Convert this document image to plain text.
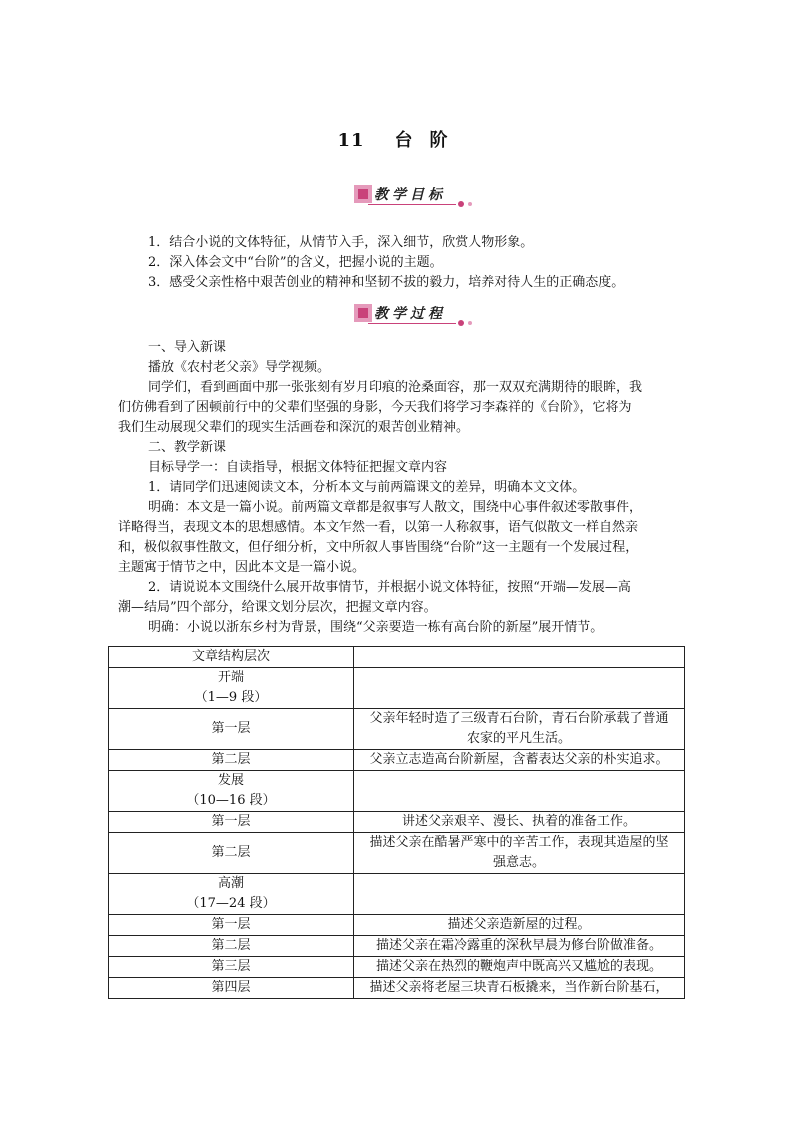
11 台 阶
教学目标

1．结合小说的文体特征，从情节入手，深入细节，欣赏人物形象。

2．深入体会文中“台阶”的含义，把握小说的主题。

3．感受父亲性格中艰苦创业的精神和坚韧不拔的毅力，培养对待人生的正确态度。

教学过程

一、导入新课

播放《农村老父亲》导学视频。

同学们，看到画面中那一张张刻有岁月印痕的沧桑面容，那一双双充满期待的眼眸，我

们仿佛看到了困顿前行中的父辈们坚强的身影，今天我们将学习李森祥的《台阶》，它将为

我们生动展现父辈们的现实生活画卷和深沉的艰苦创业精神。

二、教学新课

目标导学一：自读指导，根据文体特征把握文章内容

1．请同学们迅速阅读文本，分析本文与前两篇课文的差异，明确本文文体。

明确：本文是一篇小说。前两篇文章都是叙事写人散文，围绕中心事件叙述零散事件，

详略得当，表现文本的思想感情。本文乍然一看，以第一人称叙事，语气似散文一样自然亲

和，极似叙事性散文，但仔细分析，文中所叙人事皆围绕“台阶”这一主题有一个发展过程，

主题寓于情节之中，因此本文是一篇小说。

2．请说说本文围绕什么展开故事情节，并根据小说文体特征，按照“开端—发展—高

潮—结局”四个部分，给课文划分层次，把握文章内容。

明确：小说以浙东乡村为背景，围绕“父亲要造一栋有高台阶的新屋”展开情节。

文章结构层次	

开端
（1—9 段）	

第一层	父亲年轻时造了三级青石台阶，青石台阶承载了普通
农家的平凡生活。

第二层	父亲立志造高台阶新屋，含蓄表达父亲的朴实追求。

发展
（10—16 段）	

第一层	讲述父亲艰辛、漫长、执着的准备工作。
第二层	描述父亲在酷暑严寒中的辛苦工作，表现其造屋的坚
强意志。

高潮
（17—24 段）	

第一层	描述父亲造新屋的过程。
第二层	描述父亲在霜冷露重的深秋早晨为修台阶做准备。
第三层	描述父亲在热烈的鞭炮声中既高兴又尴尬的表现。
第四层	描述父亲将老屋三块青石板撬来，当作新台阶基石，
